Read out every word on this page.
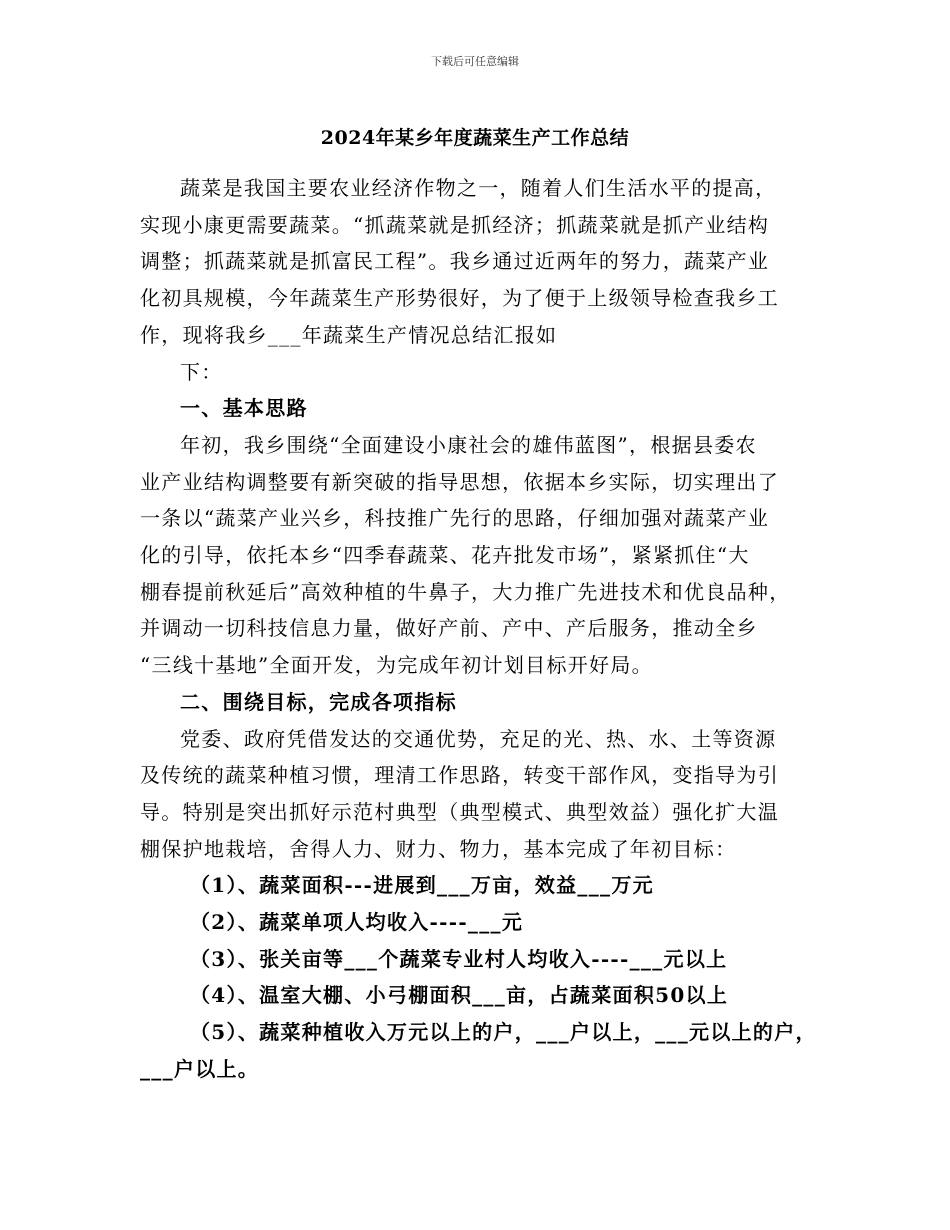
下载后可任意编辑
2024年某乡年度蔬菜生产工作总结

蔬菜是我国主要农业经济作物之一，随着人们生活水平的提高，

实现小康更需要蔬菜。“抓蔬菜就是抓经济；抓蔬菜就是抓产业结构
调整；抓蔬菜就是抓富民工程”。我乡通过近两年的努力，蔬菜产业
化初具规模，今年蔬菜生产形势很好，为了便于上级领导检查我乡工
作，现将我乡___年蔬菜生产情况总结汇报如

下：

一、基本思路

年初，我乡围绕“全面建设小康社会的雄伟蓝图”，根据县委农

业产业结构调整要有新突破的指导思想，依据本乡实际，切实理出了
一条以“蔬菜产业兴乡，科技推广先行的思路，仔细加强对蔬菜产业
化的引导，依托本乡“四季春蔬菜、花卉批发市场”，紧紧抓住“大
棚春提前秋延后”高效种植的牛鼻子，大力推广先进技术和优良品种，
并调动一切科技信息力量，做好产前、产中、产后服务，推动全乡
“三线十基地”全面开发，为完成年初计划目标开好局。

二、围绕目标，完成各项指标

党委、政府凭借发达的交通优势，充足的光、热、水、土等资源

及传统的蔬菜种植习惯，理清工作思路，转变干部作风，变指导为引
导。特别是突出抓好示范村典型（典型模式、典型效益）强化扩大温
棚保护地栽培，舍得人力、财力、物力，基本完成了年初目标：

（1）、蔬菜面积---进展到___万亩，效益___万元

（2）、蔬菜单项人均收入----___元

（3）、张关亩等___个蔬菜专业村人均收入----___元以上

（4）、温室大棚、小弓棚面积___亩，占蔬菜面积50以上

（5）、蔬菜种植收入万元以上的户，___户以上，___元以上的户，

___户以上。
